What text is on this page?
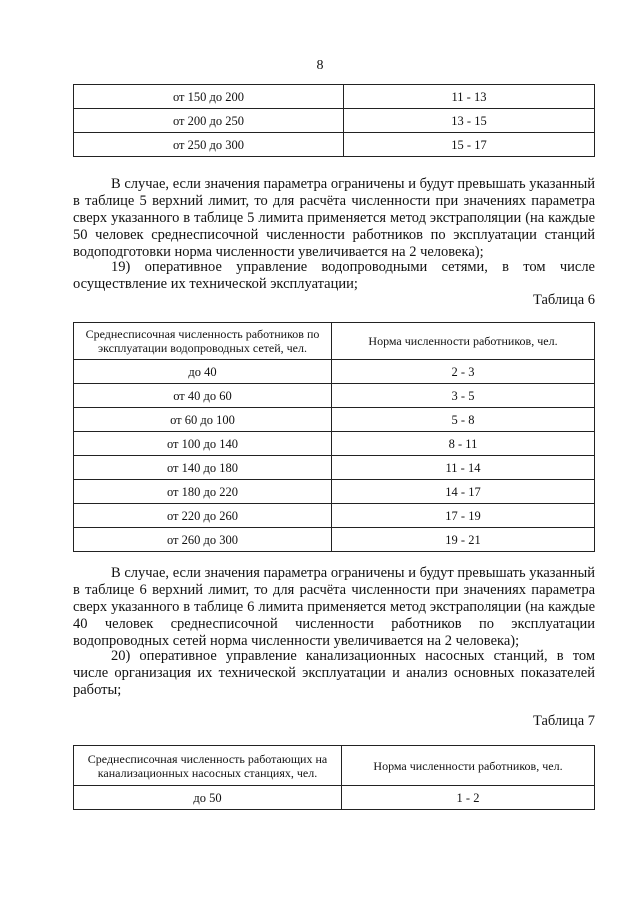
8
от 150 до 200	11 - 13
от 200 до 250	13 - 15
от 250 до 300	15 - 17
В случае, если значения параметра ограничены и будут превышать указанный в таблице 5 верхний лимит, то для расчёта численности при значениях параметра сверх указанного в таблице 5 лимита применяется метод экстраполяции (на каждые 50 человек среднесписочной численности работников по эксплуатации станций водоподготовки норма численности увеличивается на 2 человека);
19) оперативное управление водопроводными сетями, в том числе осуществление их технической эксплуатации;
Таблица 6
Среднесписочная численность работников по эксплуатации водопроводных сетей, чел.	Норма численности работников, чел.
до 40	2 - 3
от 40 до 60	3 - 5
от 60 до 100	5 - 8
от 100 до 140	8 - 11
от 140 до 180	11 - 14
от 180 до 220	14 - 17
от 220 до 260	17 - 19
от 260 до 300	19 - 21
В случае, если значения параметра ограничены и будут превышать указанный в таблице 6 верхний лимит, то для расчёта численности при значениях параметра сверх указанного в таблице 6 лимита применяется метод экстраполяции (на каждые 40 человек среднесписочной численности работников по эксплуатации водопроводных сетей норма численности увеличивается на 2 человека);
20) оперативное управление канализационных насосных станций, в том числе организация их технической эксплуатации и анализ основных показателей работы;
Таблица 7
Среднесписочная численность работающих на канализационных насосных станциях, чел.	Норма численности работников, чел.
до 50	1 - 2
